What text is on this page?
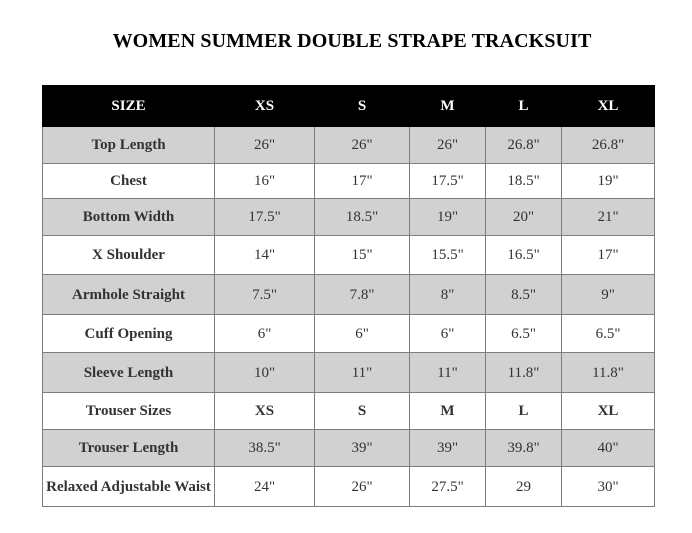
WOMEN SUMMER DOUBLE STRAPE TRACKSUIT
SIZE	XS	S	M	L	XL
Top Length	26"	26"	26"	26.8"	26.8"
Chest	16"	17"	17.5"	18.5"	19"
Bottom Width	17.5"	18.5"	19"	20"	21"
X Shoulder	14"	15"	15.5"	16.5"	17"
Armhole Straight	7.5"	7.8"	8"	8.5"	9"
Cuff Opening	6"	6"	6"	6.5"	6.5"
Sleeve Length	10"	11"	11"	11.8"	11.8"
Trouser Sizes	XS	S	M	L	XL
Trouser Length	38.5"	39"	39"	39.8"	40"
Relaxed Adjustable Waist	24"	26"	27.5"	29	30"
